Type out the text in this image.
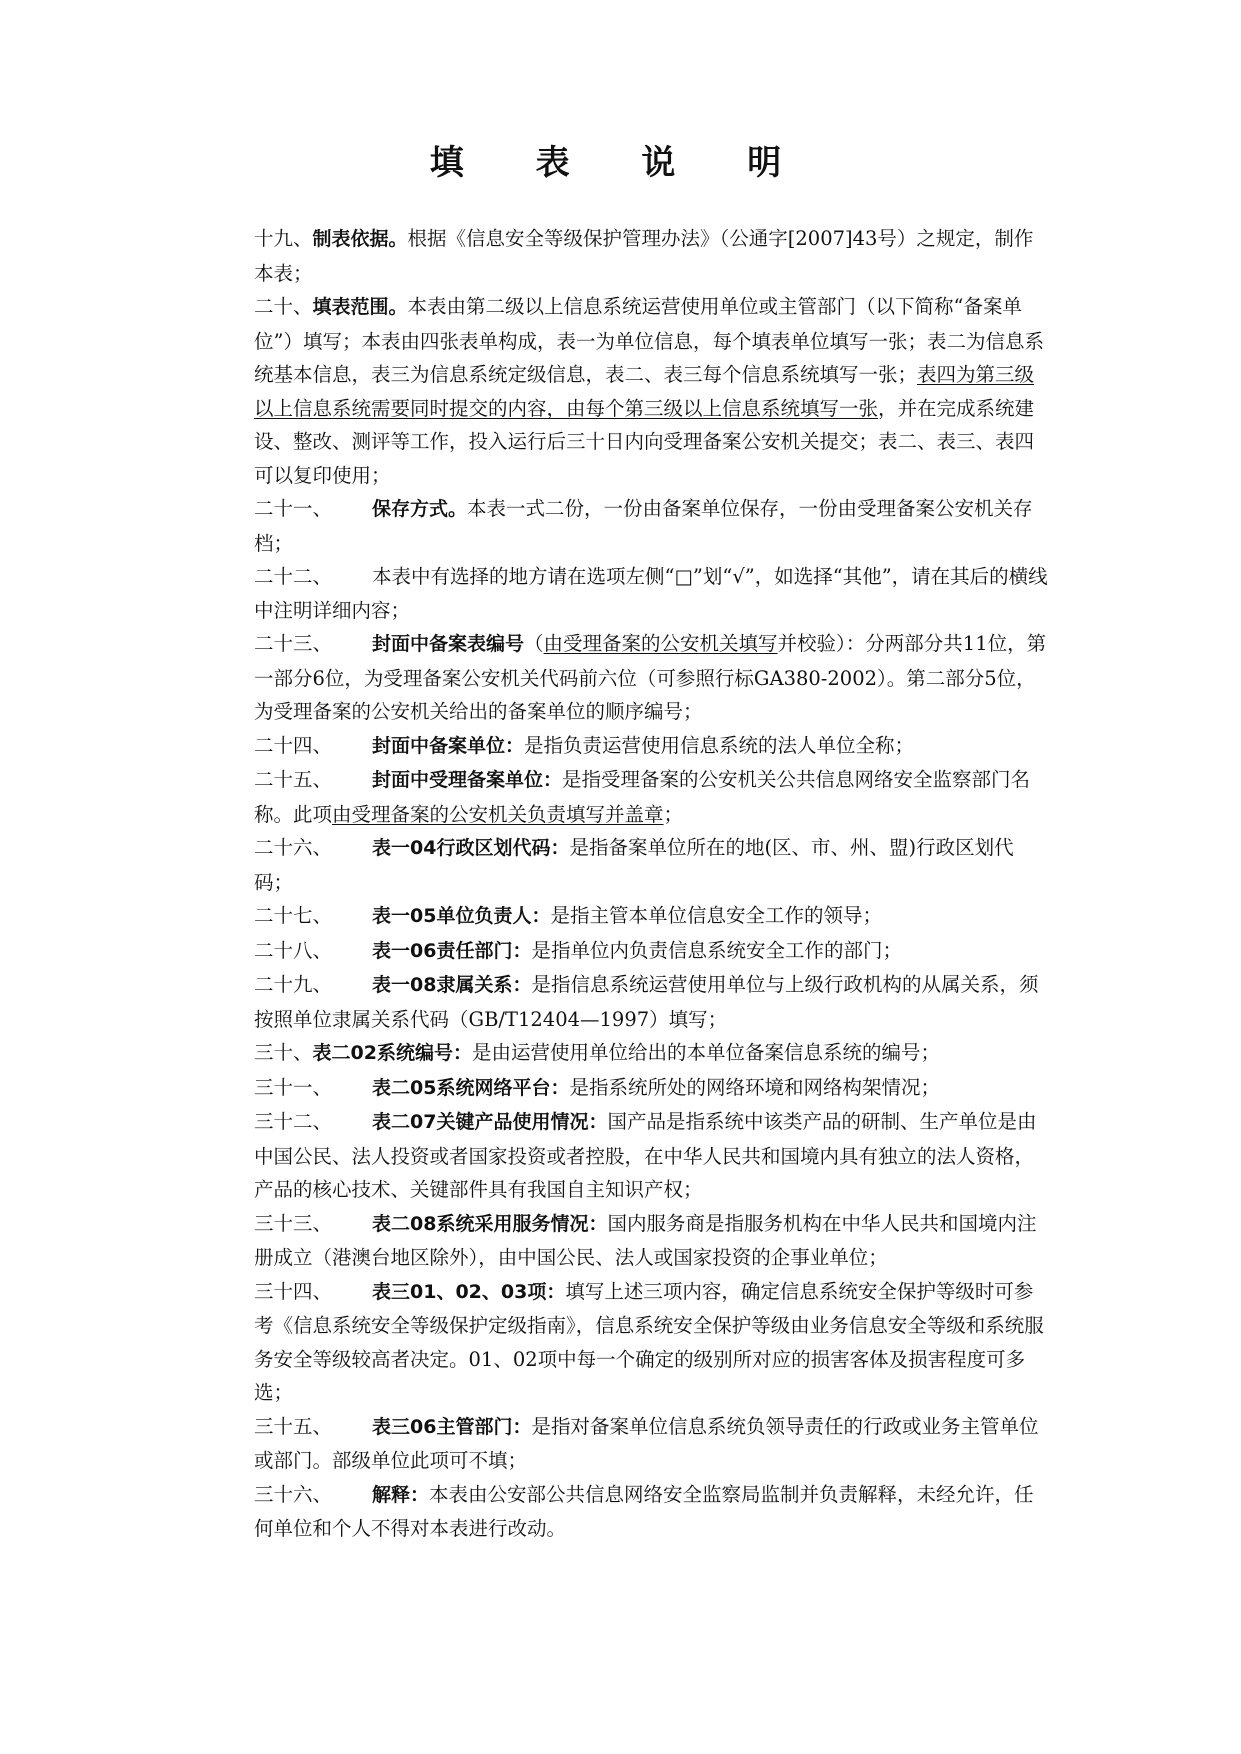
填 表 说 明
十九、制表依据。根据《信息安全等级保护管理办法》（公通字[2007]43号）之规定，制作本表；
二十、填表范围。本表由第二级以上信息系统运营使用单位或主管部门（以下简称“备案单位”）填写；本表由四张表单构成，表一为单位信息，每个填表单位填写一张；表二为信息系统基本信息，表三为信息系统定级信息，表二、表三每个信息系统填写一张；表四为第三级以上信息系统需要同时提交的内容，由每个第三级以上信息系统填写一张，并在完成系统建设、整改、测评等工作，投入运行后三十日内向受理备案公安机关提交；表二、表三、表四可以复印使用；
二十一、 保存方式。本表一式二份，一份由备案单位保存，一份由受理备案公安机关存档；
二十二、 本表中有选择的地方请在选项左侧“□”划“√”，如选择“其他”，请在其后的横线中注明详细内容；
二十三、 封面中备案表编号（由受理备案的公安机关填写并校验）：分两部分共11位，第一部分6位，为受理备案公安机关代码前六位（可参照行标GA380-2002）。第二部分5位，为受理备案的公安机关给出的备案单位的顺序编号；
二十四、 封面中备案单位：是指负责运营使用信息系统的法人单位全称；
二十五、 封面中受理备案单位：是指受理备案的公安机关公共信息网络安全监察部门名称。此项由受理备案的公安机关负责填写并盖章；
二十六、 表一04行政区划代码：是指备案单位所在的地(区、市、州、盟)行政区划代码；
二十七、 表一05单位负责人：是指主管本单位信息安全工作的领导；
二十八、 表一06责任部门：是指单位内负责信息系统安全工作的部门；
二十九、 表一08隶属关系：是指信息系统运营使用单位与上级行政机构的从属关系，须按照单位隶属关系代码（GB/T12404—1997）填写；
三十、表二02系统编号：是由运营使用单位给出的本单位备案信息系统的编号；
三十一、 表二05系统网络平台：是指系统所处的网络环境和网络构架情况；
三十二、 表二07关键产品使用情况：国产品是指系统中该类产品的研制、生产单位是由中国公民、法人投资或者国家投资或者控股，在中华人民共和国境内具有独立的法人资格，产品的核心技术、关键部件具有我国自主知识产权；
三十三、 表二08系统采用服务情况：国内服务商是指服务机构在中华人民共和国境内注册成立（港澳台地区除外），由中国公民、法人或国家投资的企事业单位；
三十四、 表三01、02、03项：填写上述三项内容，确定信息系统安全保护等级时可参考《信息系统安全等级保护定级指南》，信息系统安全保护等级由业务信息安全等级和系统服务安全等级较高者决定。01、02项中每一个确定的级别所对应的损害客体及损害程度可多选；
三十五、 表三06主管部门：是指对备案单位信息系统负领导责任的行政或业务主管单位或部门。部级单位此项可不填；
三十六、 解释：本表由公安部公共信息网络安全监察局监制并负责解释，未经允许，任何单位和个人不得对本表进行改动。
